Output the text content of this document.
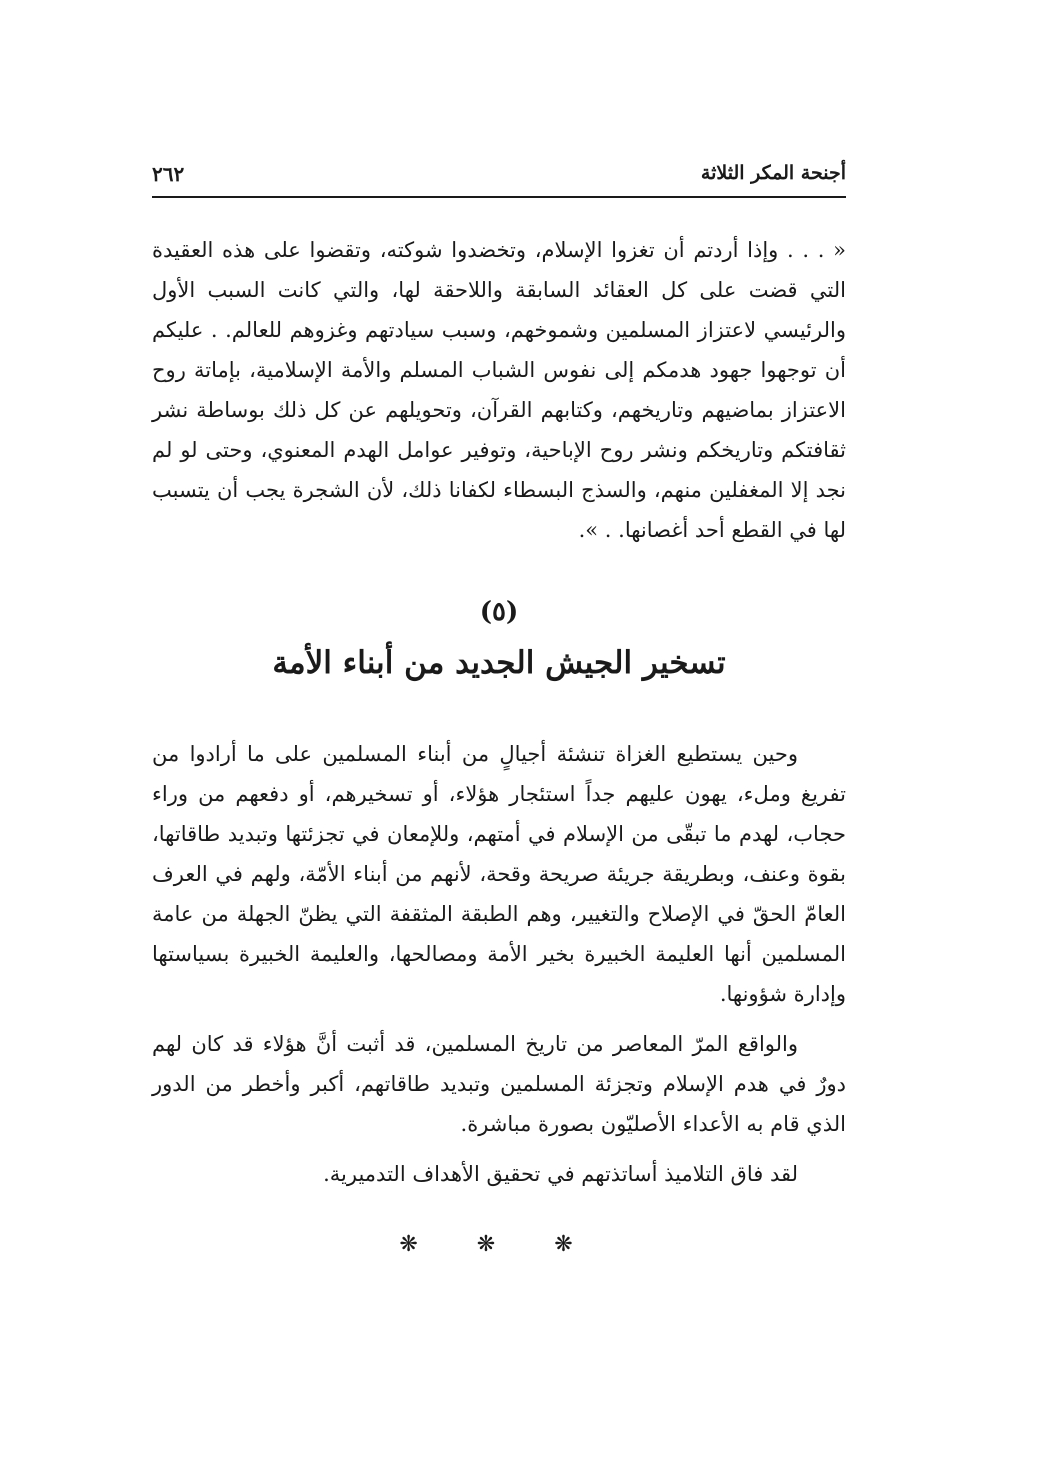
أجنحة المكر الثلاثة
٢٦٢

« . . . وإذا أردتم أن تغزوا الإسلام، وتخضدوا شوكته، وتقضوا على هذه العقيدة التي قضت على كل العقائد السابقة واللاحقة لها، والتي كانت السبب الأول والرئيسي لاعتزاز المسلمين وشموخهم، وسبب سيادتهم وغزوهم للعالم. . عليكم أن توجهوا جهود هدمكم إلى نفوس الشباب المسلم والأمة الإسلامية، بإماتة روح الاعتزاز بماضيهم وتاريخهم، وكتابهم القرآن، وتحويلهم عن كل ذلك بوساطة نشر ثقافتكم وتاريخكم ونشر روح الإباحية، وتوفير عوامل الهدم المعنوي، وحتى لو لم نجد إلا المغفلين منهم، والسذج البسطاء لكفانا ذلك، لأن الشجرة يجب أن يتسبب لها في القطع أحد أغصانها. . ».

(٥)
تسخير الجيش الجديد من أبناء الأمة

وحين يستطيع الغزاة تنشئة أجيالٍ من أبناء المسلمين على ما أرادوا من تفريغ وملء، يهون عليهم جداً استئجار هؤلاء، أو تسخيرهم، أو دفعهم من وراء حجاب، لهدم ما تبقّى من الإسلام في أمتهم، وللإمعان في تجزئتها وتبديد طاقاتها، بقوة وعنف، وبطريقة جريئة صريحة وقحة، لأنهم من أبناء الأمّة، ولهم في العرف العامّ الحقّ في الإصلاح والتغيير، وهم الطبقة المثقفة التي يظنّ الجهلة من عامة المسلمين أنها العليمة الخبيرة بخير الأمة ومصالحها، والعليمة الخبيرة بسياستها وإدارة شؤونها.

والواقع المرّ المعاصر من تاريخ المسلمين، قد أثبت أنَّ هؤلاء قد كان لهم دورٌ في هدم الإسلام وتجزئة المسلمين وتبديد طاقاتهم، أكبر وأخطر من الدور الذي قام به الأعداء الأصليّون بصورة مباشرة.

لقد فاق التلاميذ أساتذتهم في تحقيق الأهداف التدميرية.

❋ ❋ ❋
